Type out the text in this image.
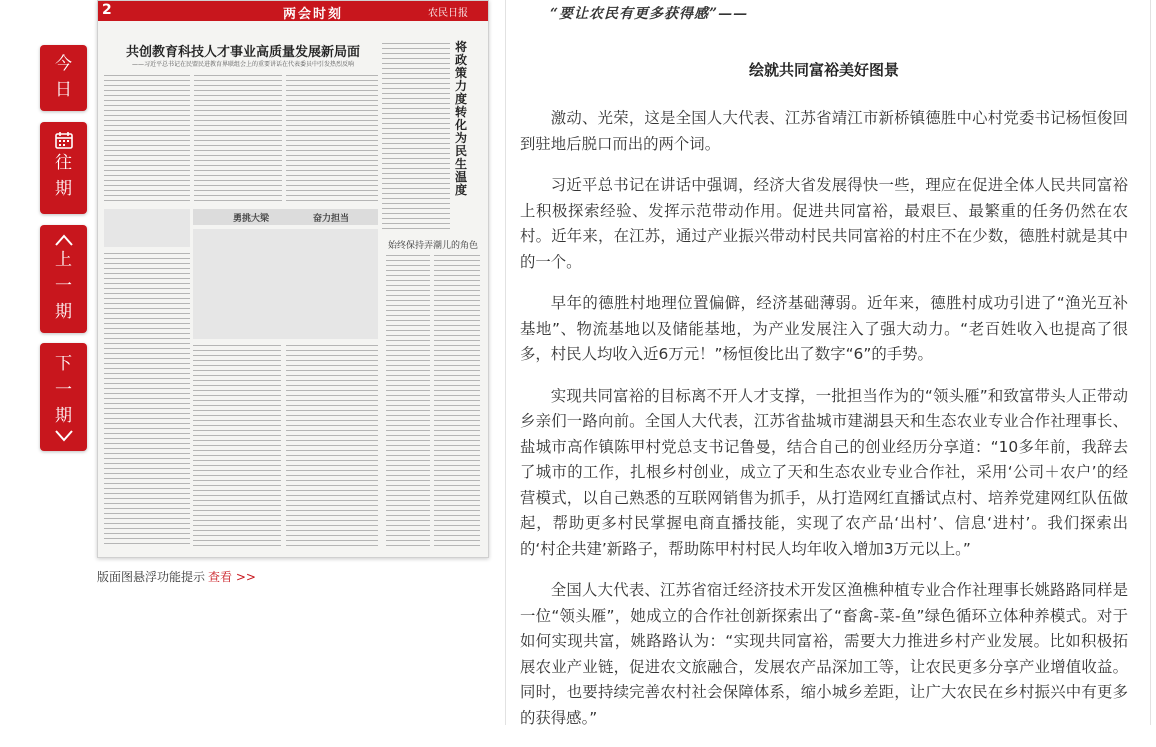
今
日
往
期
上
一
期
下
一
期
2	两会时刻	农民日报
共创教育科技人才事业高质量发展新局面
——习近平总书记在民盟民进教育界联组会上的重要讲话在代表委员中引发热烈反响
将政策力度转化为民生温度
勇挑大梁	奋力担当
始终保持弄潮儿的角色
版面图悬浮功能提示 查看 >>
“要让农民有更多获得感”——
绘就共同富裕美好图景

激动、光荣，这是全国人大代表、江苏省靖江市新桥镇德胜中心村党委书记杨恒俊回到驻地后脱口而出的两个词。

习近平总书记在讲话中强调，经济大省发展得快一些，理应在促进全体人民共同富裕上积极探索经验、发挥示范带动作用。促进共同富裕，最艰巨、最繁重的任务仍然在农村。近年来，在江苏，通过产业振兴带动村民共同富裕的村庄不在少数，德胜村就是其中的一个。

早年的德胜村地理位置偏僻，经济基础薄弱。近年来，德胜村成功引进了“渔光互补基地”、物流基地以及储能基地，为产业发展注入了强大动力。“老百姓收入也提高了很多，村民人均收入近6万元！”杨恒俊比出了数字“6”的手势。

实现共同富裕的目标离不开人才支撑，一批担当作为的“领头雁”和致富带头人正带动乡亲们一路向前。全国人大代表，江苏省盐城市建湖县天和生态农业专业合作社理事长、盐城市高作镇陈甲村党总支书记鲁曼，结合自己的创业经历分享道：“10多年前，我辞去了城市的工作，扎根乡村创业，成立了天和生态农业专业合作社，采用‘公司＋农户’的经营模式，以自己熟悉的互联网销售为抓手，从打造网红直播试点村、培养党建网红队伍做起，帮助更多村民掌握电商直播技能，实现了农产品‘出村’、信息‘进村’。我们探索出的‘村企共建’新路子，帮助陈甲村村民人均年收入增加3万元以上。”

全国人大代表、江苏省宿迁经济技术开发区渔樵种植专业合作社理事长姚路路同样是一位“领头雁”，她成立的合作社创新探索出了“畜禽-菜-鱼”绿色循环立体种养模式。对于如何实现共富，姚路路认为：“实现共同富裕，需要大力推进乡村产业发展。比如积极拓展农业产业链，促进农文旅融合，发展农产品深加工等，让农民更多分享产业增值收益。同时，也要持续完善农村社会保障体系，缩小城乡差距，让广大农民在乡村振兴中有更多的获得感。”
